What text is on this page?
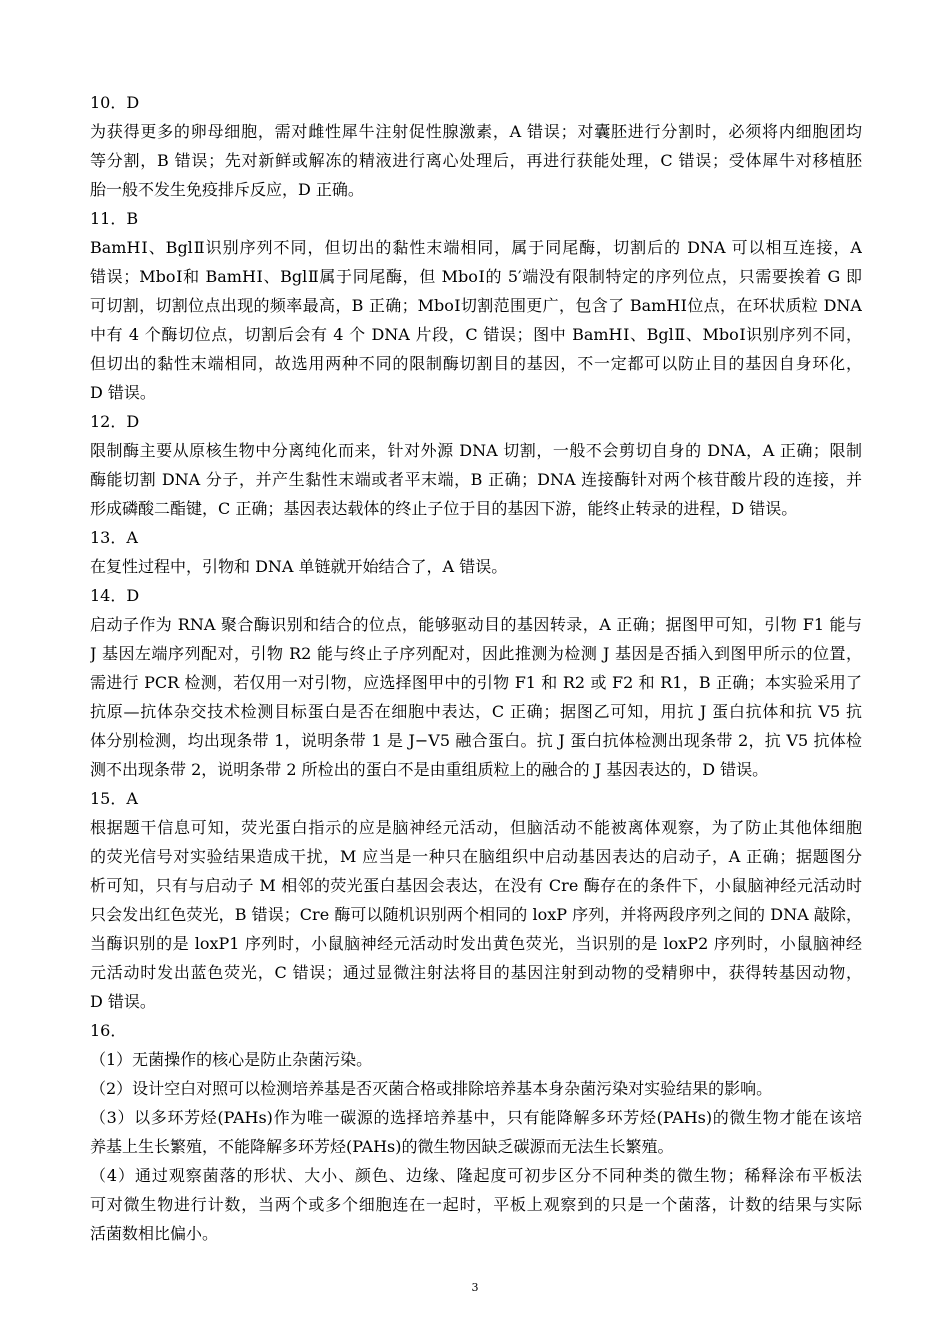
10．D

为获得更多的卵母细胞，需对雌性犀牛注射促性腺激素，A 错误；对囊胚进行分割时，必须将内细胞团均

等分割，B 错误；先对新鲜或解冻的精液进行离心处理后，再进行获能处理，C 错误；受体犀牛对移植胚

胎一般不发生免疫排斥反应，D 正确。

11．B

BamHⅠ、BglⅡ识别序列不同，但切出的黏性末端相同，属于同尾酶，切割后的 DNA 可以相互连接，A

错误；MboⅠ和 BamHⅠ、BglⅡ属于同尾酶，但 MboⅠ的 5′端没有限制特定的序列位点，只需要挨着 G 即

可切割，切割位点出现的频率最高，B 正确；MboⅠ切割范围更广，包含了 BamHⅠ位点，在环状质粒 DNA

中有 4 个酶切位点，切割后会有 4 个 DNA 片段，C 错误；图中 BamHⅠ、BglⅡ、MboⅠ识别序列不同，

但切出的黏性末端相同，故选用两种不同的限制酶切割目的基因，不一定都可以防止目的基因自身环化，

D 错误。

12．D

限制酶主要从原核生物中分离纯化而来，针对外源 DNA 切割，一般不会剪切自身的 DNA，A 正确；限制

酶能切割 DNA 分子，并产生黏性末端或者平末端，B 正确；DNA 连接酶针对两个核苷酸片段的连接，并

形成磷酸二酯键，C 正确；基因表达载体的终止子位于目的基因下游，能终止转录的进程，D 错误。

13．A

在复性过程中，引物和 DNA 单链就开始结合了，A 错误。

14．D

启动子作为 RNA 聚合酶识别和结合的位点，能够驱动目的基因转录，A 正确；据图甲可知，引物 F1 能与

J 基因左端序列配对，引物 R2 能与终止子序列配对，因此推测为检测 J 基因是否插入到图甲所示的位置，

需进行 PCR 检测，若仅用一对引物，应选择图甲中的引物 F1 和 R2 或 F2 和 R1，B 正确；本实验采用了

抗原—抗体杂交技术检测目标蛋白是否在细胞中表达，C 正确；据图乙可知，用抗 J 蛋白抗体和抗 V5 抗

体分别检测，均出现条带 1，说明条带 1 是 J−V5 融合蛋白。抗 J 蛋白抗体检测出现条带 2，抗 V5 抗体检

测不出现条带 2，说明条带 2 所检出的蛋白不是由重组质粒上的融合的 J 基因表达的，D 错误。

15．A

根据题干信息可知，荧光蛋白指示的应是脑神经元活动，但脑活动不能被离体观察，为了防止其他体细胞

的荧光信号对实验结果造成干扰，M 应当是一种只在脑组织中启动基因表达的启动子，A 正确；据题图分

析可知，只有与启动子 M 相邻的荧光蛋白基因会表达，在没有 Cre 酶存在的条件下，小鼠脑神经元活动时

只会发出红色荧光，B 错误；Cre 酶可以随机识别两个相同的 loxP 序列，并将两段序列之间的 DNA 敲除，

当酶识别的是 loxP1 序列时，小鼠脑神经元活动时发出黄色荧光，当识别的是 loxP2 序列时，小鼠脑神经

元活动时发出蓝色荧光，C 错误；通过显微注射法将目的基因注射到动物的受精卵中，获得转基因动物，

D 错误。

16．

（1）无菌操作的核心是防止杂菌污染。

（2）设计空白对照可以检测培养基是否灭菌合格或排除培养基本身杂菌污染对实验结果的影响。

（3）以多环芳烃(PAHs)作为唯一碳源的选择培养基中，只有能降解多环芳烃(PAHs)的微生物才能在该培

养基上生长繁殖，不能降解多环芳烃(PAHs)的微生物因缺乏碳源而无法生长繁殖。

（4）通过观察菌落的形状、大小、颜色、边缘、隆起度可初步区分不同种类的微生物；稀释涂布平板法

可对微生物进行计数，当两个或多个细胞连在一起时，平板上观察到的只是一个菌落，计数的结果与实际

活菌数相比偏小。

3
